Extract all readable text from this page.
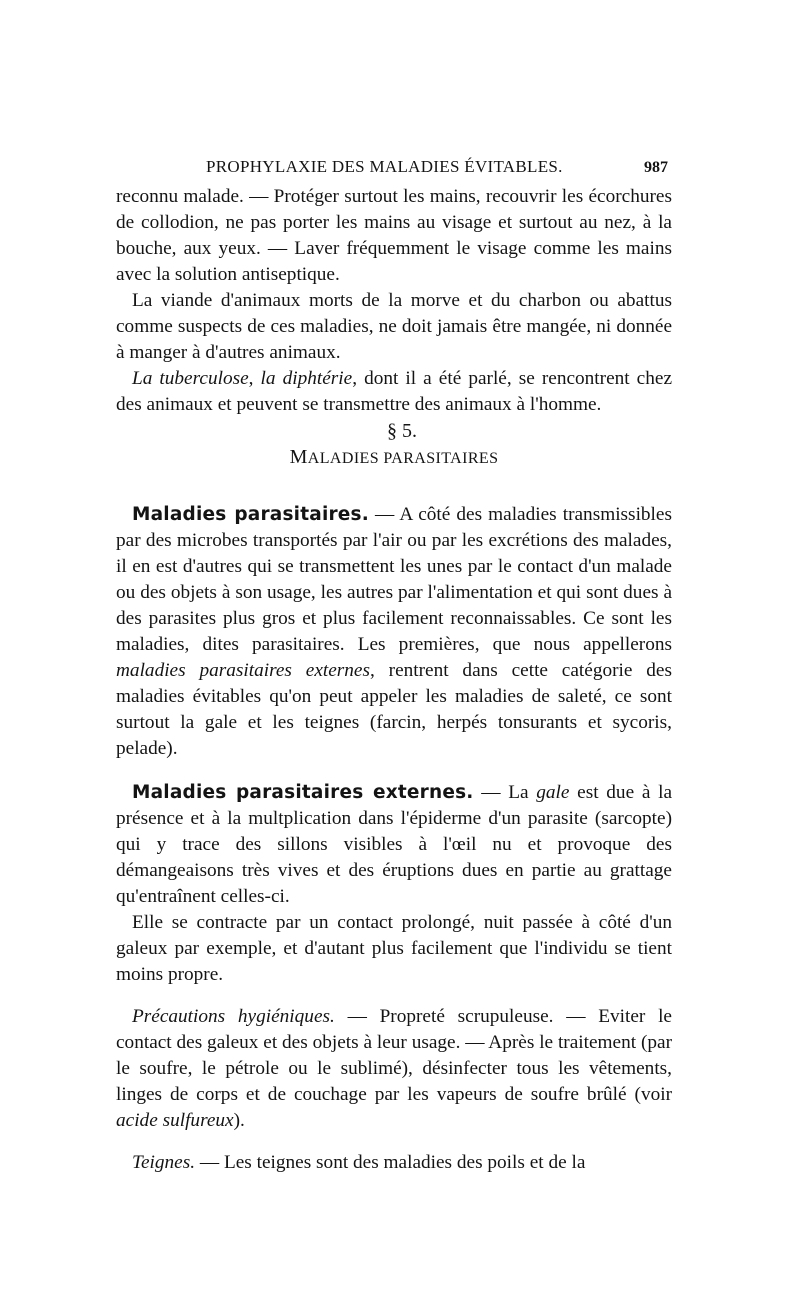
PROPHYLAXIE DES MALADIES ÉVITABLES.	987

reconnu malade. — Protéger surtout les mains, recouvrir les écorchures de collodion, ne pas porter les mains au visage et surtout au nez, à la bouche, aux yeux. — Laver fréquemment le visage comme les mains avec la solution antiseptique.

La viande d'animaux morts de la morve et du charbon ou abattus comme suspects de ces maladies, ne doit jamais être mangée, ni donnée à manger à d'autres animaux.

La tuberculose, la diphtérie, dont il a été parlé, se rencontrent chez des animaux et peuvent se transmettre des animaux à l'homme.

§ 5.

MALADIES PARASITAIRES

Maladies parasitaires. — A côté des maladies transmissibles par des microbes transportés par l'air ou par les excrétions des malades, il en est d'autres qui se transmettent les unes par le contact d'un malade ou des objets à son usage, les autres par l'alimentation et qui sont dues à des parasites plus gros et plus facilement reconnaissables. Ce sont les maladies, dites parasitaires. Les premières, que nous appellerons maladies parasitaires externes, rentrent dans cette catégorie des maladies évitables qu'on peut appeler les maladies de saleté, ce sont surtout la gale et les teignes (farcin, herpés tonsurants et sycoris, pelade).

Maladies parasitaires externes. — La gale est due à la présence et à la multplication dans l'épiderme d'un parasite (sarcopte) qui y trace des sillons visibles à l'œil nu et provoque des démangeaisons très vives et des éruptions dues en partie au grattage qu'entraînent celles-ci.

Elle se contracte par un contact prolongé, nuit passée à côté d'un galeux par exemple, et d'autant plus facilement que l'individu se tient moins propre.

Précautions hygiéniques. — Propreté scrupuleuse. — Eviter le contact des galeux et des objets à leur usage. — Après le traitement (par le soufre, le pétrole ou le sublimé), désinfecter tous les vêtements, linges de corps et de couchage par les vapeurs de soufre brûlé (voir acide sulfureux).

Teignes. — Les teignes sont des maladies des poils et de la
